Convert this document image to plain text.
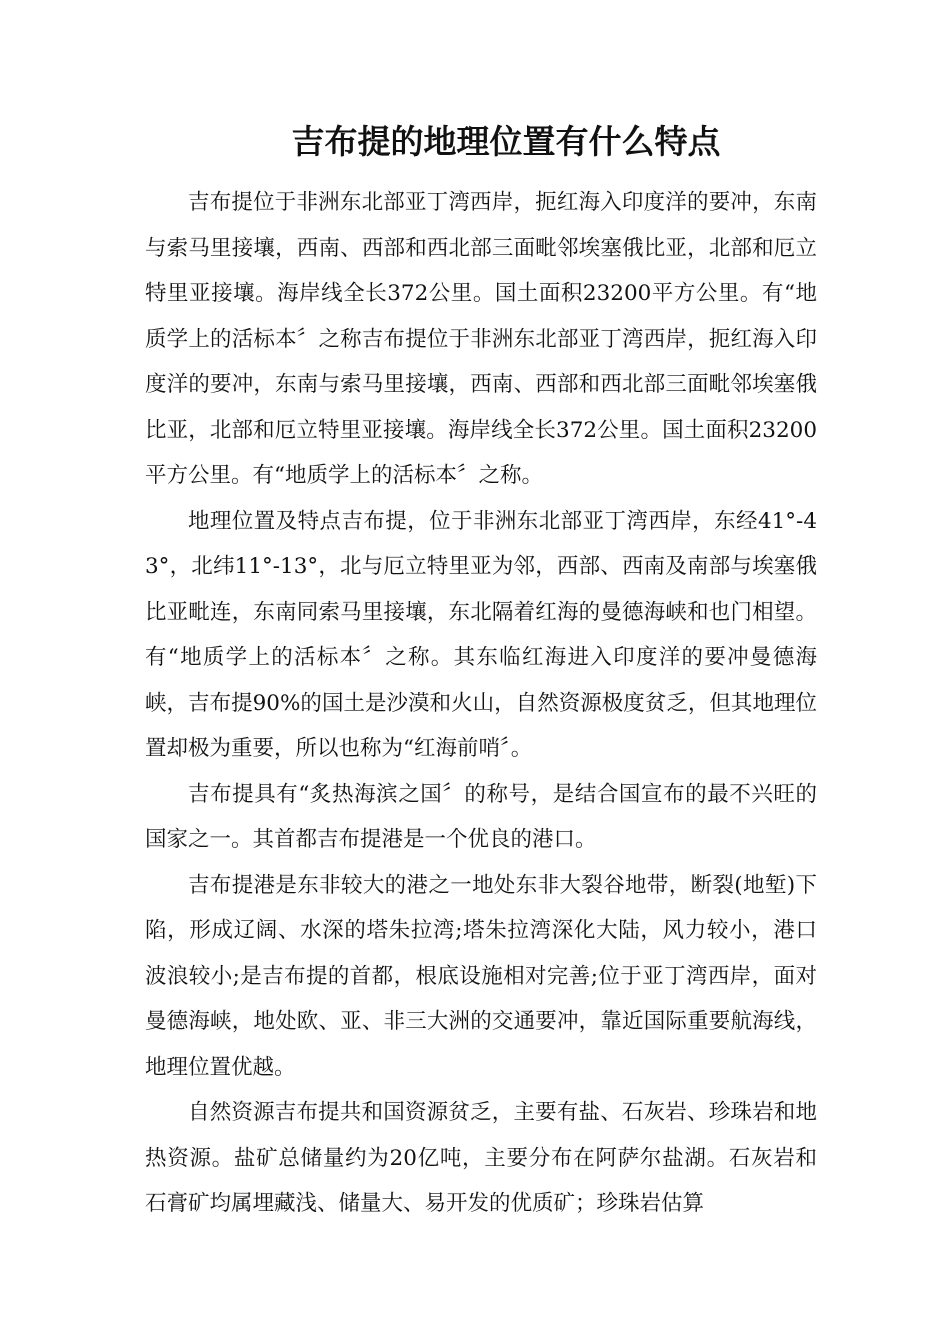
吉布提的地理位置有什么特点

吉布提位于非洲东北部亚丁湾西岸，扼红海入印度洋的要冲，东南与索马里接壤，西南、西部和西北部三面毗邻埃塞俄比亚，北部和厄立特里亚接壤。海岸线全长372公里。国土面积23200平方公里。有“地质学上的活标本〞之称吉布提位于非洲东北部亚丁湾西岸，扼红海入印度洋的要冲，东南与索马里接壤，西南、西部和西北部三面毗邻埃塞俄比亚，北部和厄立特里亚接壤。海岸线全长372公里。国土面积23200平方公里。有“地质学上的活标本〞之称。

地理位置及特点吉布提，位于非洲东北部亚丁湾西岸，东经41°-43°，北纬11°-13°，北与厄立特里亚为邻，西部、西南及南部与埃塞俄比亚毗连，东南同索马里接壤，东北隔着红海的曼德海峡和也门相望。有“地质学上的活标本〞之称。其东临红海进入印度洋的要冲曼德海峡，吉布提90%的国土是沙漠和火山，自然资源极度贫乏，但其地理位置却极为重要，所以也称为“红海前哨〞。

吉布提具有“炙热海滨之国〞的称号，是结合国宣布的最不兴旺的国家之一。其首都吉布提港是一个优良的港口。

吉布提港是东非较大的港之一地处东非大裂谷地带，断裂(地堑)下陷，形成辽阔、水深的塔朱拉湾;塔朱拉湾深化大陆，风力较小，港口波浪较小;是吉布提的首都，根底设施相对完善;位于亚丁湾西岸，面对曼德海峡，地处欧、亚、非三大洲的交通要冲，靠近国际重要航海线，地理位置优越。

自然资源吉布提共和国资源贫乏，主要有盐、石灰岩、珍珠岩和地热资源。盐矿总储量约为20亿吨，主要分布在阿萨尔盐湖。石灰岩和石膏矿均属埋藏浅、储量大、易开发的优质矿；珍珠岩估算
